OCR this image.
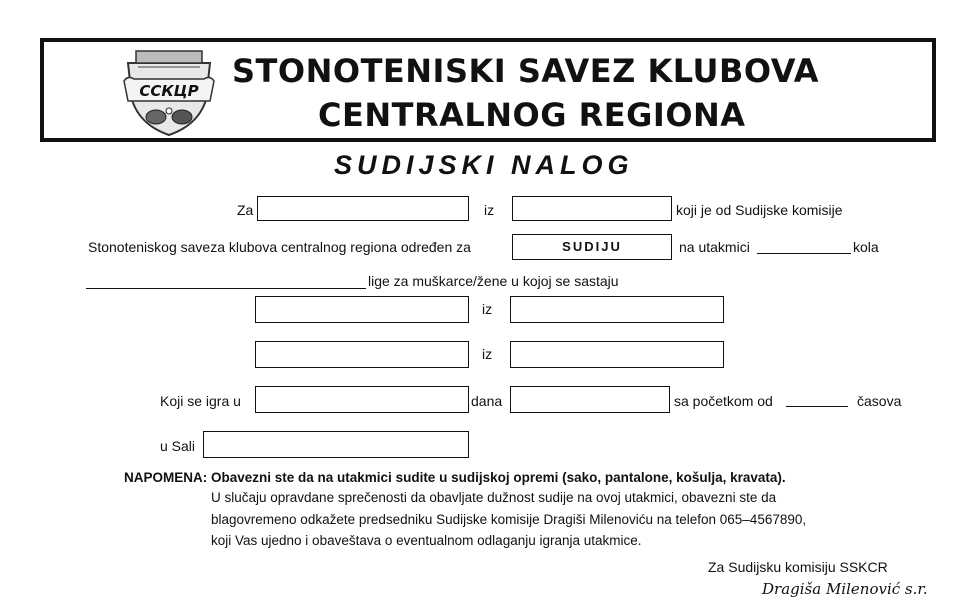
ССКЦР
STONOTENISKI SAVEZ KLUBOVA
CENTRALNOG REGIONA
SUDIJSKI NALOG
Za	iz	koji je od Sudijske komisije
Stonoteniskog saveza klubova centralnog regiona određen za	SUDIJU	na utakmici	kola
lige za muškarce/žene u kojoj se sastaju
iz
iz
Koji se igra u	dana	sa početkom od	časova
u Sali
NAPOMENA: Obavezni ste da na utakmici sudite u sudijskoj opremi (sako, pantalone, košulja, kravata).
U slučaju opravdane sprečenosti da obavljate dužnost sudije na ovoj utakmici, obavezni ste da
blagovremeno odkažete predsedniku Sudijske komisije Dragiši Milenoviću na telefon 065–4567890,
koji Vas ujedno i obaveštava o eventualnom odlaganju igranja utakmice.
Za Sudijsku komisiju SSKCR
Dragiša Milenović s.r.
